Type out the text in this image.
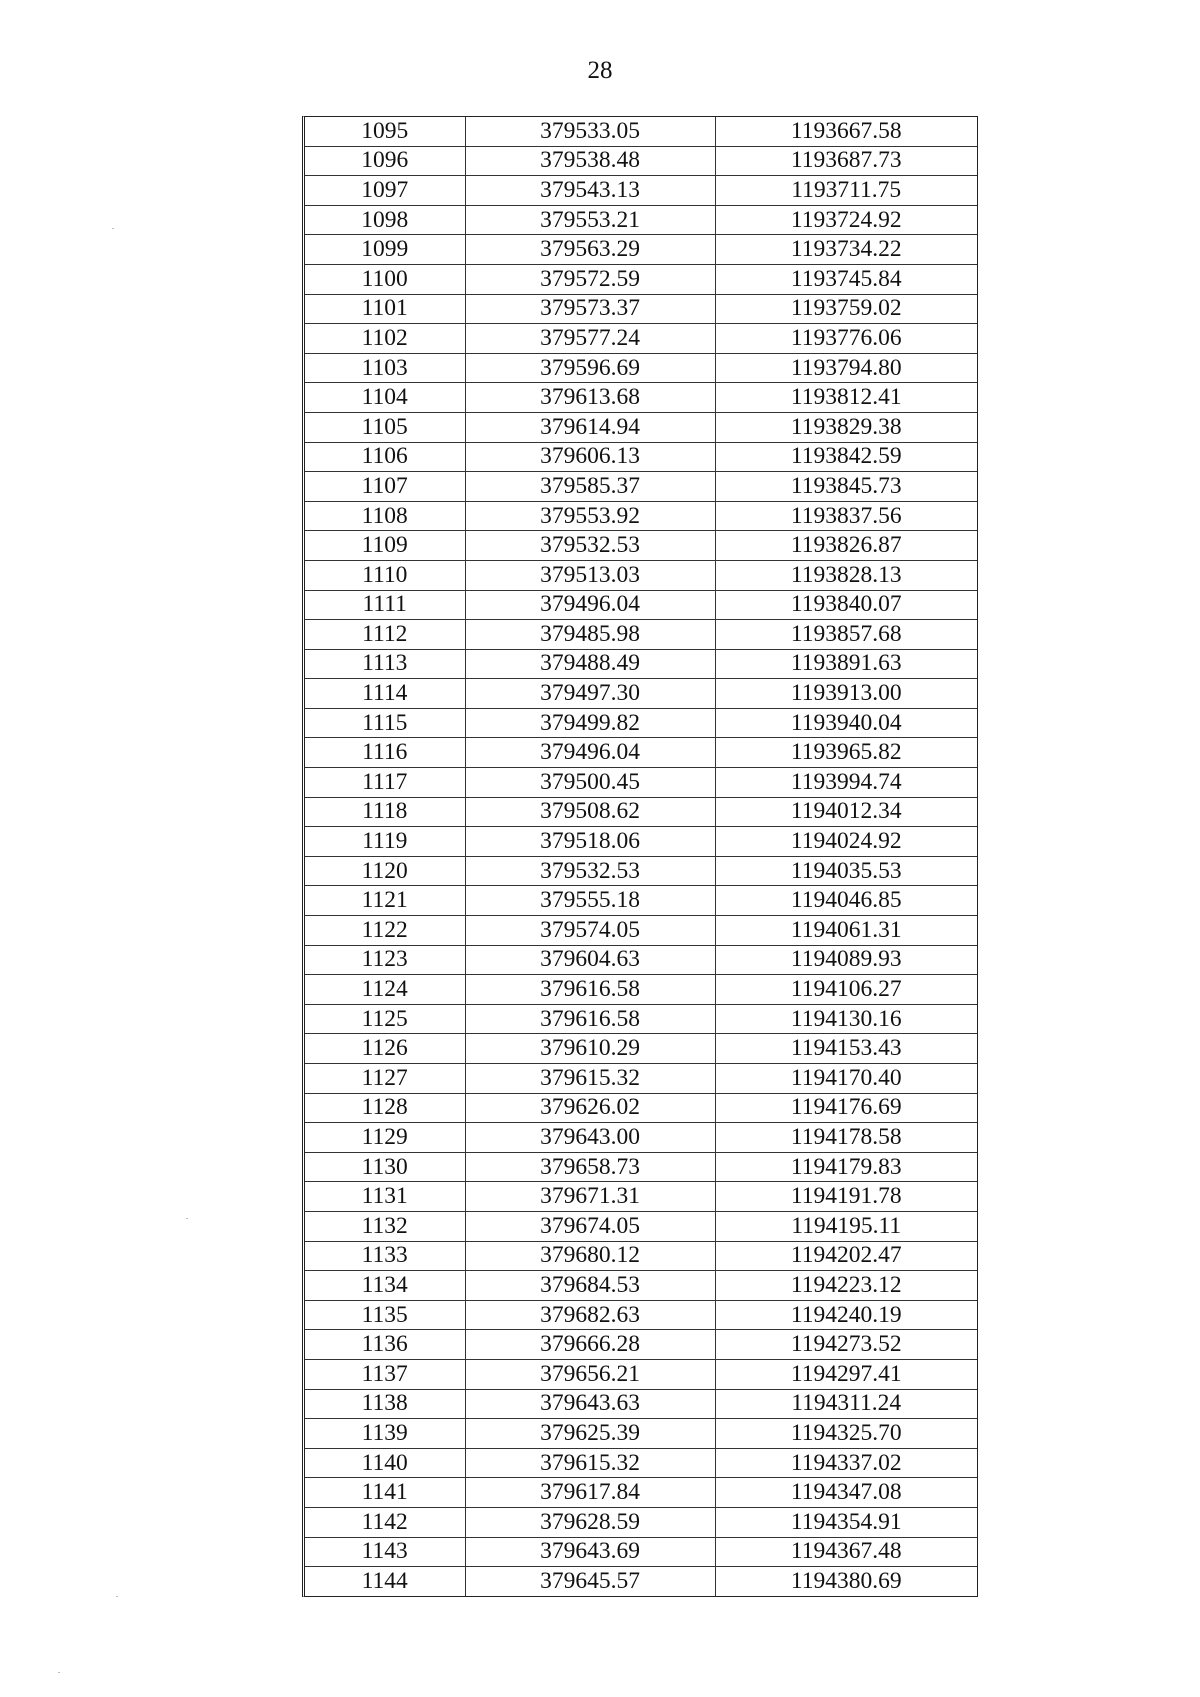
28
1095	379533.05	1193667.58
1096	379538.48	1193687.73
1097	379543.13	1193711.75
1098	379553.21	1193724.92
1099	379563.29	1193734.22
1100	379572.59	1193745.84
1101	379573.37	1193759.02
1102	379577.24	1193776.06
1103	379596.69	1193794.80
1104	379613.68	1193812.41
1105	379614.94	1193829.38
1106	379606.13	1193842.59
1107	379585.37	1193845.73
1108	379553.92	1193837.56
1109	379532.53	1193826.87
1110	379513.03	1193828.13
1111	379496.04	1193840.07
1112	379485.98	1193857.68
1113	379488.49	1193891.63
1114	379497.30	1193913.00
1115	379499.82	1193940.04
1116	379496.04	1193965.82
1117	379500.45	1193994.74
1118	379508.62	1194012.34
1119	379518.06	1194024.92
1120	379532.53	1194035.53
1121	379555.18	1194046.85
1122	379574.05	1194061.31
1123	379604.63	1194089.93
1124	379616.58	1194106.27
1125	379616.58	1194130.16
1126	379610.29	1194153.43
1127	379615.32	1194170.40
1128	379626.02	1194176.69
1129	379643.00	1194178.58
1130	379658.73	1194179.83
1131	379671.31	1194191.78
1132	379674.05	1194195.11
1133	379680.12	1194202.47
1134	379684.53	1194223.12
1135	379682.63	1194240.19
1136	379666.28	1194273.52
1137	379656.21	1194297.41
1138	379643.63	1194311.24
1139	379625.39	1194325.70
1140	379615.32	1194337.02
1141	379617.84	1194347.08
1142	379628.59	1194354.91
1143	379643.69	1194367.48
1144	379645.57	1194380.69
